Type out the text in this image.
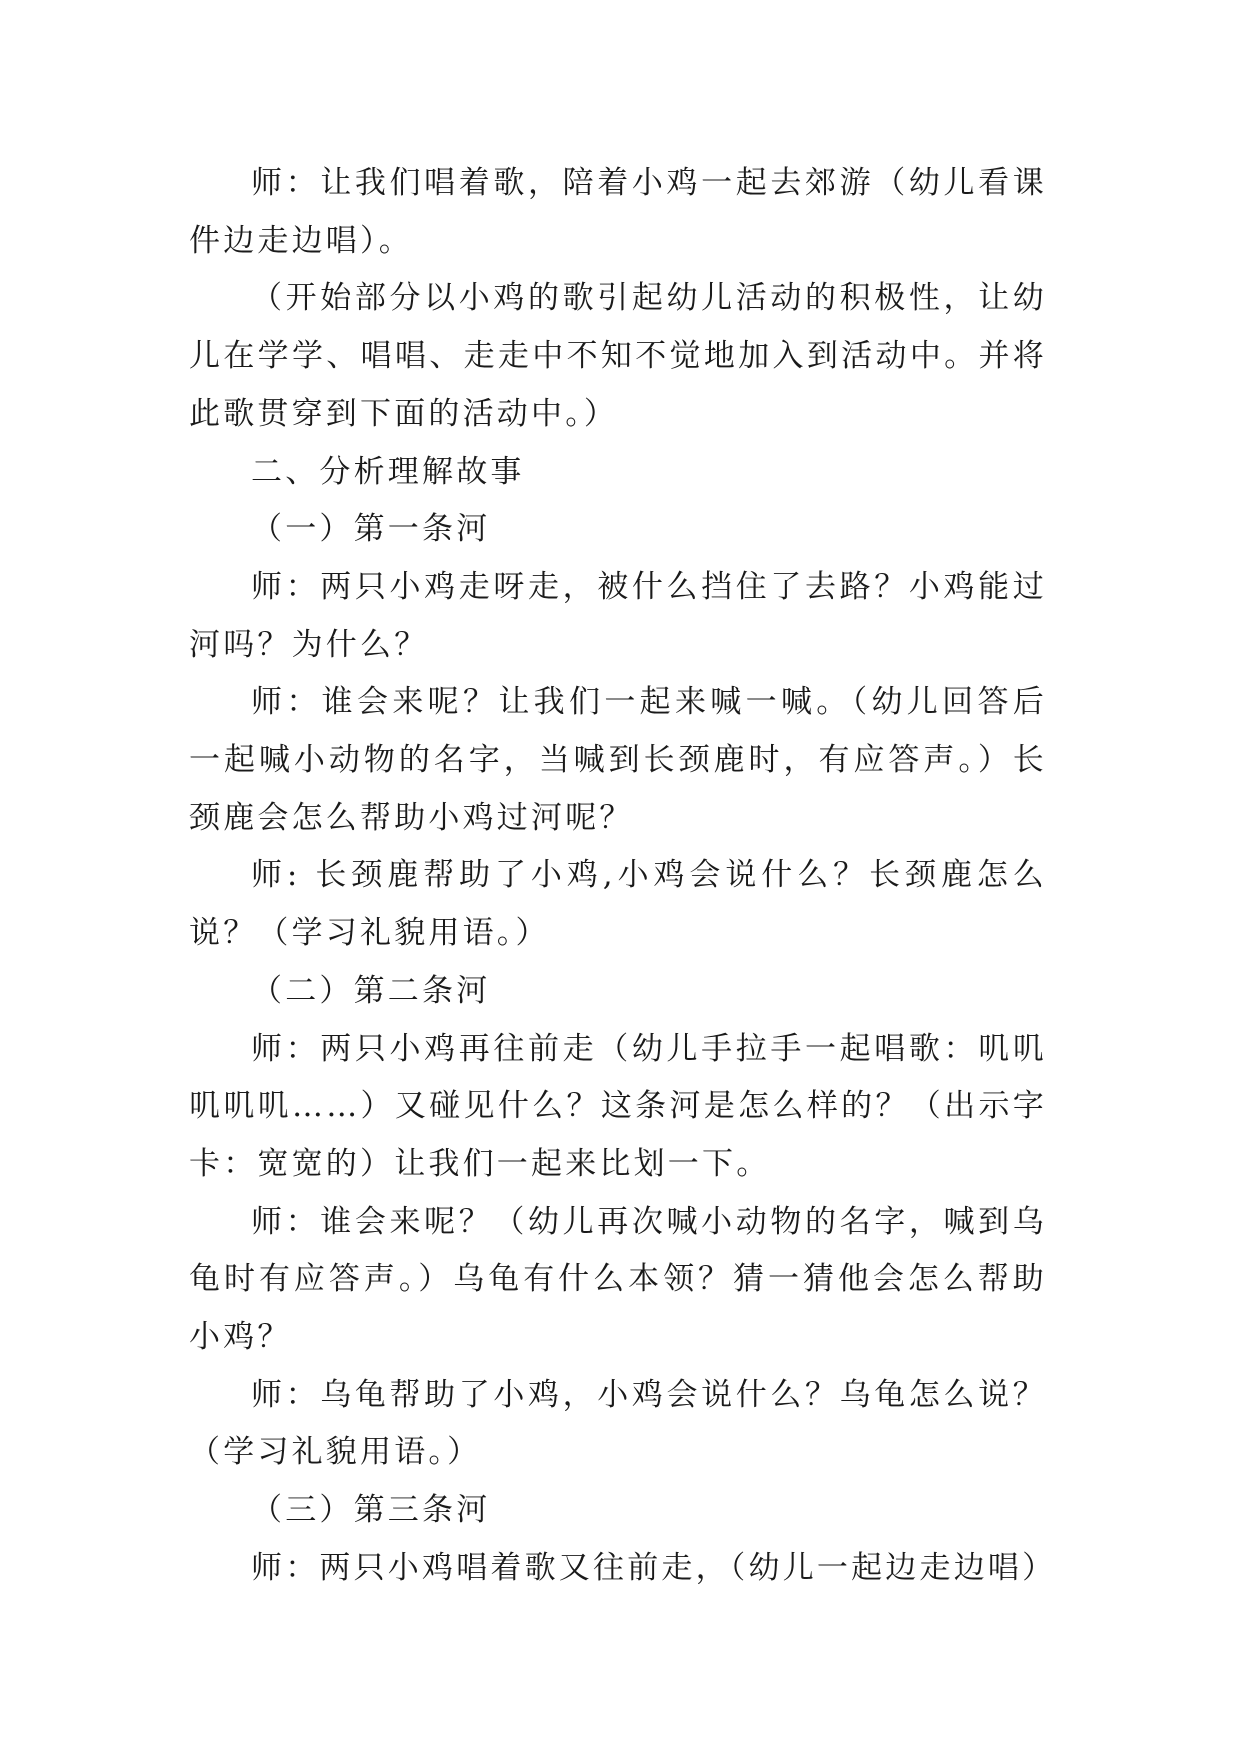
师：让我们唱着歌，陪着小鸡一起去郊游（幼儿看课件边走边唱）。

（开始部分以小鸡的歌引起幼儿活动的积极性，让幼儿在学学、唱唱、走走中不知不觉地加入到活动中。并将此歌贯穿到下面的活动中。）

二、分析理解故事

（一）第一条河

师：两只小鸡走呀走，被什么挡住了去路？小鸡能过河吗？为什么？

师：谁会来呢？让我们一起来喊一喊。（幼儿回答后一起喊小动物的名字，当喊到长颈鹿时，有应答声。）长颈鹿会怎么帮助小鸡过河呢？

师: 长颈鹿帮助了小鸡,小鸡会说什么？长颈鹿怎么说？（学习礼貌用语。）

（二）第二条河

师：两只小鸡再往前走（幼儿手拉手一起唱歌：叽叽叽叽叽……）又碰见什么？这条河是怎么样的？（出示字卡：宽宽的）让我们一起来比划一下。

师：谁会来呢？（幼儿再次喊小动物的名字，喊到乌龟时有应答声。）乌龟有什么本领？猜一猜他会怎么帮助小鸡？

师：乌龟帮助了小鸡，小鸡会说什么？乌龟怎么说？（学习礼貌用语。）

（三）第三条河

师：两只小鸡唱着歌又往前走，（幼儿一起边走边唱）
